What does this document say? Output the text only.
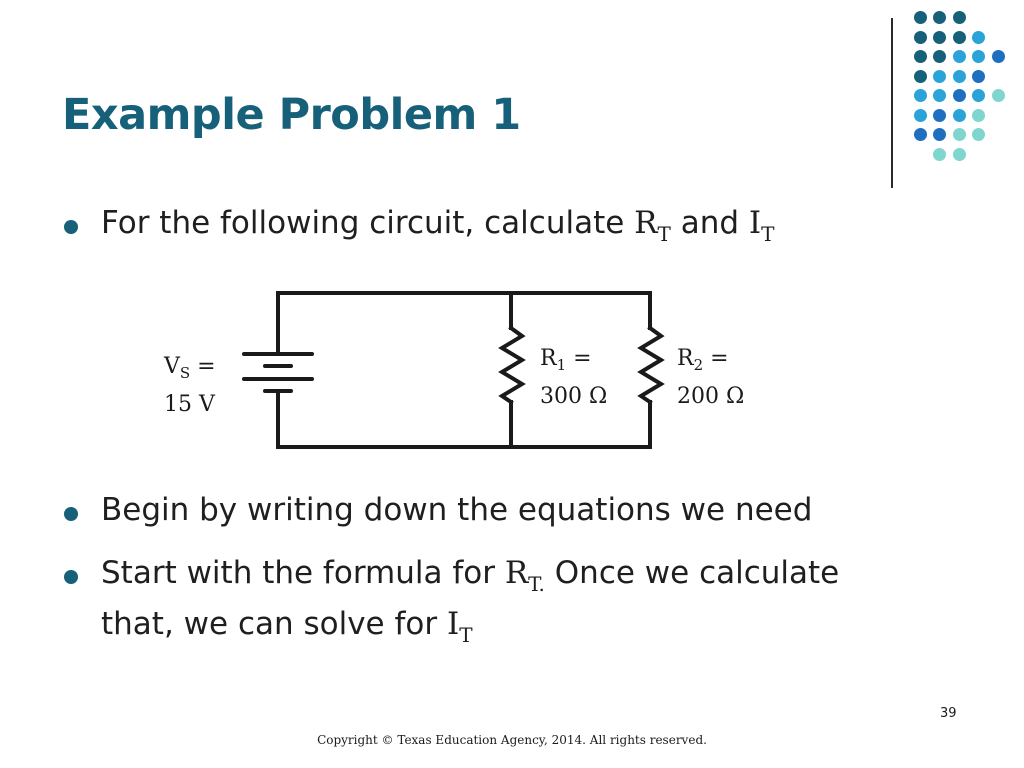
Example Problem 1
For the following circuit, calculate $R_T$ and $I_T$
$V_S$ =
15 V
$R_1$ =
300 Ω
$R_2$ =
200 Ω
Begin by writing down the equations we need
Start with the formula for $R_{T.}$ Once we calculate
that, we can solve for $I_T$
39
Copyright © Texas Education Agency, 2014. All rights reserved.
